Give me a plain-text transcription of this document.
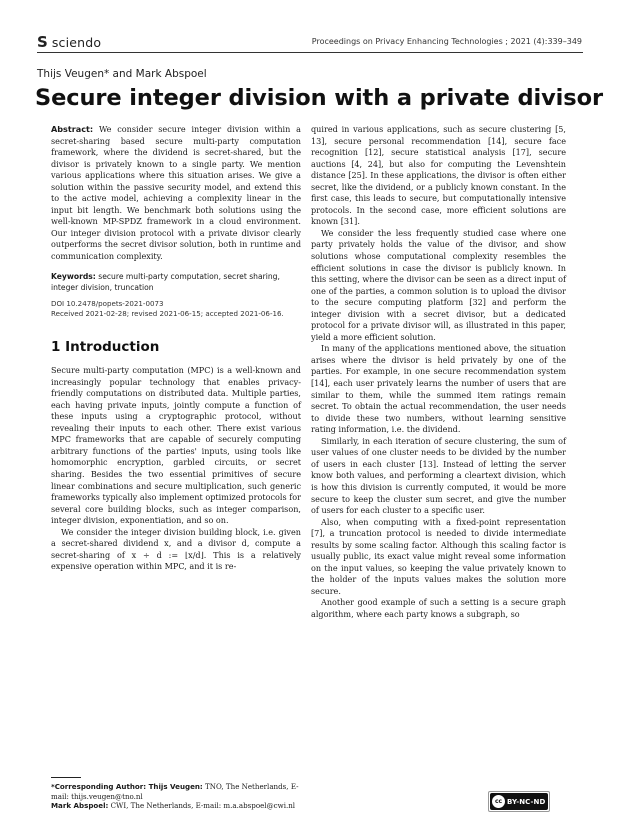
S sciendo	Proceedings on Privacy Enhancing Technologies ; 2021 (4):339–349
Thijs Veugen* and Mark Abspoel
Secure integer division with a private divisor

Abstract: We consider secure integer division within a secret-sharing based secure multi-party computation framework, where the dividend is secret-shared, but the divisor is privately known to a single party. We mention various applications where this situation arises. We give a solution within the passive security model, and extend this to the active model, achieving a complexity linear in the input bit length. We benchmark both solutions using the well-known MP-SPDZ framework in a cloud environment. Our integer division protocol with a private divisor clearly outperforms the secret divisor solution, both in runtime and communication complexity.

Keywords: secure multi-party computation, secret sharing, integer division, truncation
DOI 10.2478/popets-2021-0073
Received 2021-02-28; revised 2021-06-15; accepted 2021-06-16.
1 Introduction

Secure multi-party computation (MPC) is a well-known and increasingly popular technology that enables privacy-friendly computations on distributed data. Multiple parties, each having private inputs, jointly compute a function of these inputs using a cryptographic protocol, without revealing their inputs to each other. There exist various MPC frameworks that are capable of securely computing arbitrary functions of the parties' inputs, using tools like homomorphic encryption, garbled circuits, or secret sharing. Besides the two essential primitives of secure linear combinations and secure multiplication, such generic frameworks typically also implement optimized protocols for several core building blocks, such as integer comparison, integer division, exponentiation, and so on.

We consider the integer division building block, i.e. given a secret-shared dividend x, and a divisor d, compute a secret-sharing of x ÷ d := ⌊x/d⌋. This is a relatively expensive operation within MPC, and it is re-

quired in various applications, such as secure clustering [5, 13], secure personal recommendation [14], secure face recognition [12], secure statistical analysis [17], secure auctions [4, 24], but also for computing the Levenshtein distance [25]. In these applications, the divisor is often either secret, like the dividend, or a publicly known constant. In the first case, this leads to secure, but computationally intensive protocols. In the second case, more efficient solutions are known [31].

We consider the less frequently studied case where one party privately holds the value of the divisor, and show solutions whose computational complexity resembles the efficient solutions in case the divisor is publicly known. In this setting, where the divisor can be seen as a direct input of one of the parties, a common solution is to upload the divisor to the secure computing platform [32] and perform the integer division with a secret divisor, but a dedicated protocol for a private divisor will, as illustrated in this paper, yield a more efficient solution.

In many of the applications mentioned above, the situation arises where the divisor is held privately by one of the parties. For example, in one secure recommendation system [14], each user privately learns the number of users that are similar to them, while the summed item ratings remain secret. To obtain the actual recommendation, the user needs to divide these two numbers, without learning sensitive rating information, i.e. the dividend.

Similarly, in each iteration of secure clustering, the sum of user values of one cluster needs to be divided by the number of users in each cluster [13]. Instead of letting the server know both values, and performing a cleartext division, which is how this division is currently computed, it would be more secure to keep the cluster sum secret, and give the number of users for each cluster to a specific user.

Also, when computing with a fixed-point representation [7], a truncation protocol is needed to divide intermediate results by some scaling factor. Although this scaling factor is usually public, its exact value might reveal some information on the input values, so keeping the value privately known to the holder of the inputs values makes the solution more secure.

Another good example of such a setting is a secure graph algorithm, where each party knows a subgraph, so

*Corresponding Author: Thijs Veugen: TNO, The Netherlands, E-mail: thijs.veugen@tno.nl
Mark Abspoel: CWI, The Netherlands, E-mail: m.a.abspoel@cwi.nl	cc BY-NC-ND
